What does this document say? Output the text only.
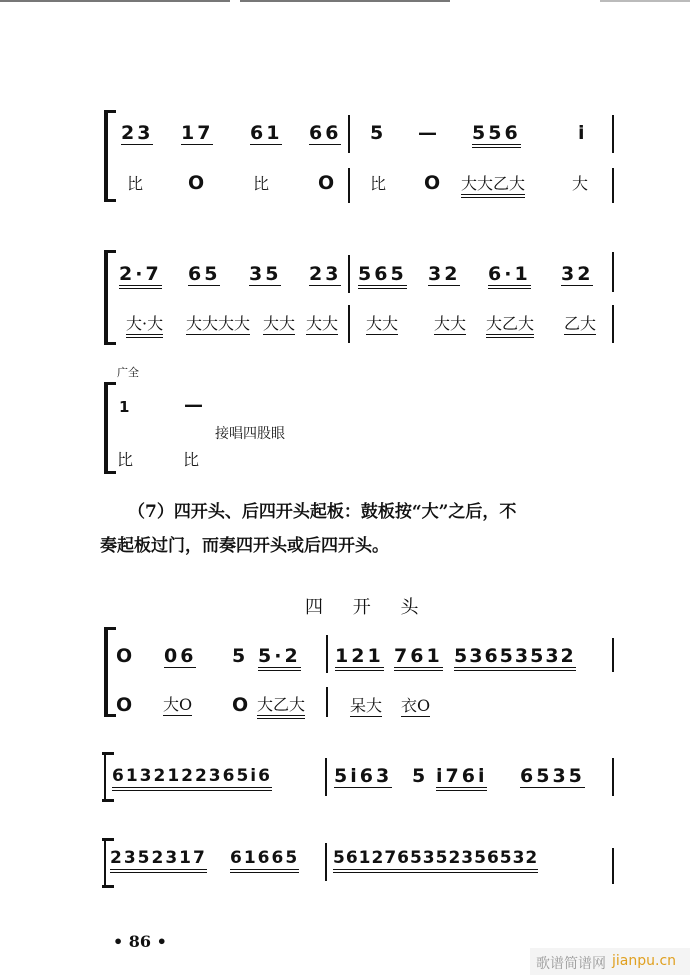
23 17 61 66 5 — 556	i
比 O	比	O 比 O 大大乙大	大
2·7 65 35 23 565 32 6·1 32
大·大 大大大大 大大 大大 大大 大大 大乙大 乙大
广全
1	—
接唱四股眼
比	比
（7）四开头、后四开头起板：鼓板按“大”之后，不
奏起板过门，而奏四开头或后四开头。
四 开 头
O 06 5 5·2 121 761 53653532
O 大O O 大乙大	呆大 衣O
6132122365i6	5i63 5 i76i 6535
2352317 61665 5612765352356532
• 86 •
歌谱简谱网 jianpu.cn
